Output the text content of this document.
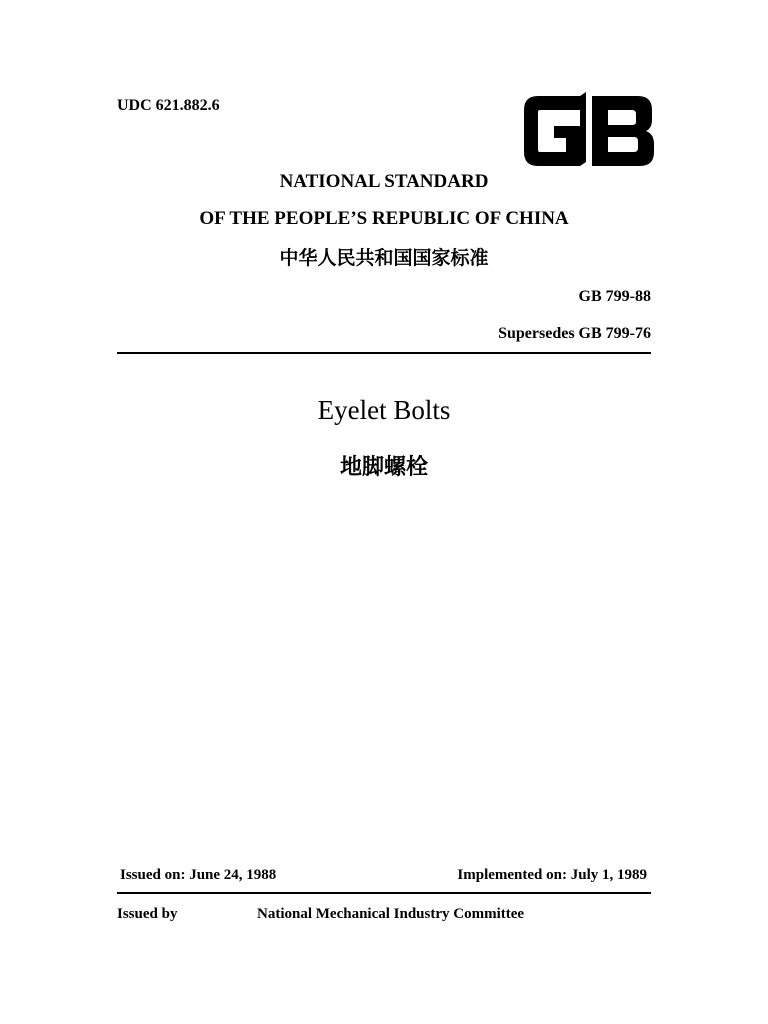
UDC 621.882.6
NATIONAL STANDARD
OF THE PEOPLE’S REPUBLIC OF CHINA
中华人民共和国国家标准
GB 799-88
Supersedes GB 799-76
Eyelet Bolts
地脚螺栓
Issued on: June 24, 1988	Implemented on: July 1, 1989
Issued by	National Mechanical Industry Committee
